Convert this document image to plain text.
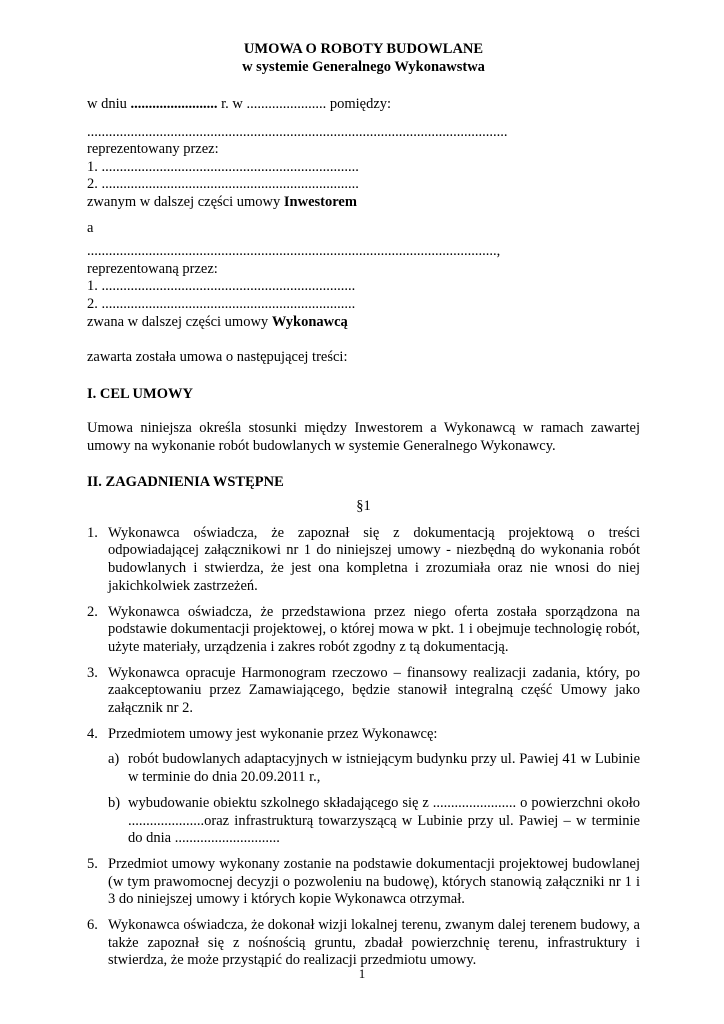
UMOWA O ROBOTY BUDOWLANE
w systemie Generalnego Wykonawstwa
w dniu ........................ r. w ...................... pomiędzy:
....................................................................................................................
reprezentowany przez:
1. .......................................................................
2. .......................................................................
zwanym w dalszej części umowy Inwestorem
a
.................................................................................................................,
reprezentowaną przez:
1. ......................................................................
2. ......................................................................
zwana w dalszej części umowy Wykonawcą
zawarta została umowa o następującej treści:
I. CEL UMOWY
Umowa niniejsza określa stosunki między Inwestorem a Wykonawcą w ramach zawartej umowy na wykonanie robót budowlanych w systemie Generalnego Wykonawcy.
II. ZAGADNIENIA WSTĘPNE
§1
1. Wykonawca oświadcza, że zapoznał się z dokumentacją projektową o treści odpowiadającej załącznikowi nr 1 do niniejszej umowy - niezbędną do wykonania robót budowlanych i stwierdza, że jest ona kompletna i zrozumiała oraz nie wnosi do niej jakichkolwiek zastrzeżeń.
2. Wykonawca oświadcza, że przedstawiona przez niego oferta została sporządzona na podstawie dokumentacji projektowej, o której mowa w pkt. 1 i obejmuje technologię robót, użyte materiały, urządzenia i zakres robót zgodny z tą dokumentacją.
3. Wykonawca opracuje Harmonogram rzeczowo – finansowy realizacji zadania, który, po zaakceptowaniu przez Zamawiającego, będzie stanowił integralną część Umowy jako załącznik nr 2.
4. Przedmiotem umowy jest wykonanie przez Wykonawcę:
a) robót budowlanych adaptacyjnych w istniejącym budynku przy ul. Pawiej 41 w Lubinie w terminie do dnia 20.09.2011 r.,
b) wybudowanie obiektu szkolnego składającego się z ....................... o powierzchni około .....................oraz infrastrukturą towarzyszącą w Lubinie przy ul. Pawiej – w terminie do dnia .............................
5. Przedmiot umowy wykonany zostanie na podstawie dokumentacji projektowej budowlanej (w tym prawomocnej decyzji o pozwoleniu na budowę), których stanowią załączniki nr 1 i 3 do niniejszej umowy i których kopie Wykonawca otrzymał.
6. Wykonawca oświadcza, że dokonał wizji lokalnej terenu, zwanym dalej terenem budowy, a także zapoznał się z nośnością gruntu, zbadał powierzchnię terenu, infrastruktury i stwierdza, że może przystąpić do realizacji przedmiotu umowy.
1
